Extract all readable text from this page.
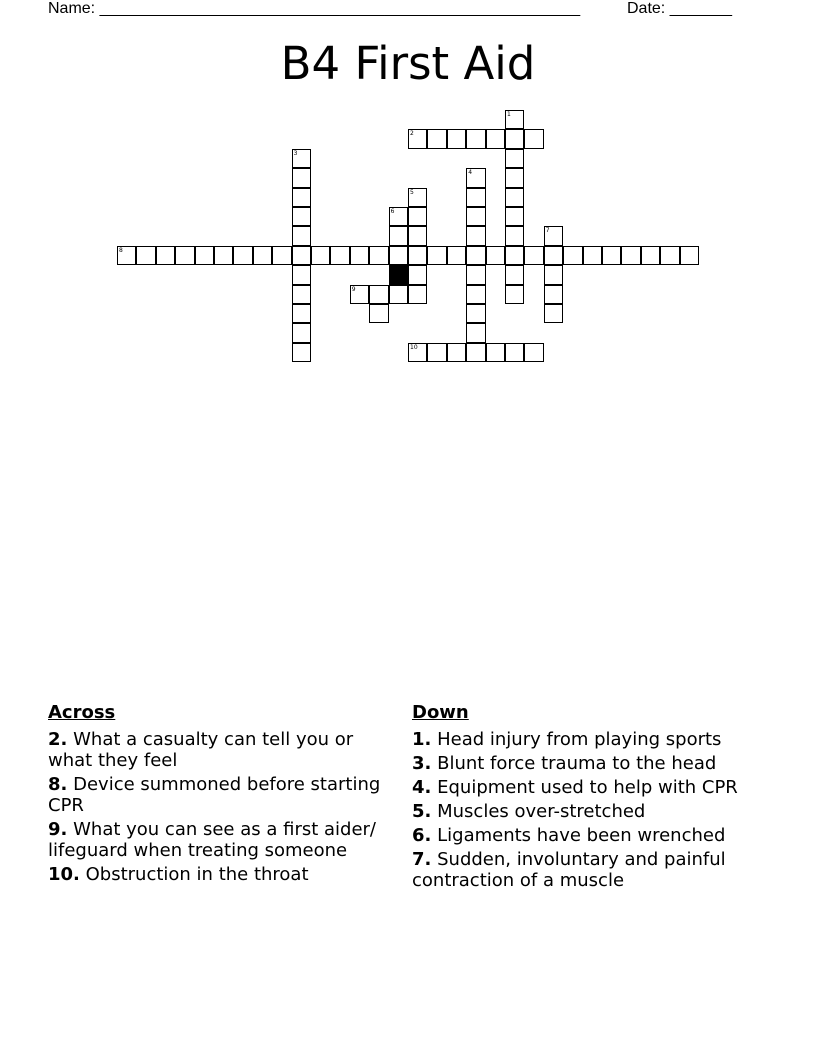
Name: ______________________________________________________	Date: _______
B4 First Aid
1
2
3
4
5
6
7
8
9
10
Across
2. What a casualty can tell you or what they feel
8. Device summoned before starting CPR
9. What you can see as a first aider/ lifeguard when treating someone
10. Obstruction in the throat
Down
1. Head injury from playing sports
3. Blunt force trauma to the head
4. Equipment used to help with CPR
5. Muscles over-stretched
6. Ligaments have been wrenched
7. Sudden, involuntary and painful contraction of a muscle
